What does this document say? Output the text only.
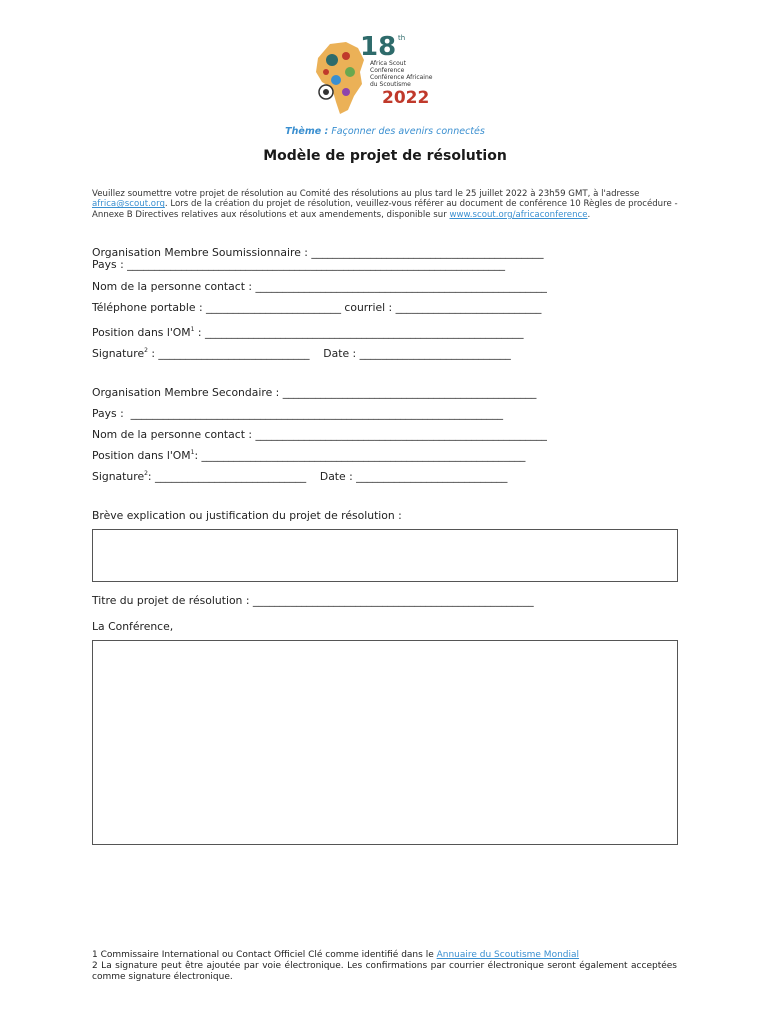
18 th
Africa Scout
Conference
Conférence Africaine
du Scoutisme
2022
Thème : Façonner des avenirs connectés
Modèle de projet de résolution
Veuillez soumettre votre projet de résolution au Comité des résolutions au plus tard le 25 juillet 2022 à 23h59 GMT, à l'adresse africa@scout.org. Lors de la création du projet de résolution, veuillez-vous référer au document de conférence 10 Règles de procédure - Annexe B Directives relatives aux résolutions et aux amendements, disponible sur www.scout.org/africaconference.
Organisation Membre Soumissionnaire : ___________________________________________
Pays : ______________________________________________________________________
Nom de la personne contact : ______________________________________________________
Téléphone portable : _________________________ courriel : ___________________________
Position dans $l'OM^1$ : ___________________________________________________________
Signature$^2$ : ____________________________    Date : ____________________________
Organisation Membre Secondaire : _______________________________________________
Pays :  _____________________________________________________________________
Nom de la personne contact : ______________________________________________________
Position dans $l'OM^1$: ____________________________________________________________
Signature$^2$: ____________________________    Date : ____________________________
Brève explication ou justification du projet de résolution :
Titre du projet de résolution : ____________________________________________________
La Conférence,
1 Commissaire International ou Contact Officiel Clé comme identifié dans le Annuaire du Scoutisme Mondial
2 La signature peut être ajoutée par voie électronique. Les confirmations par courrier électronique seront également acceptées comme signature électronique.
